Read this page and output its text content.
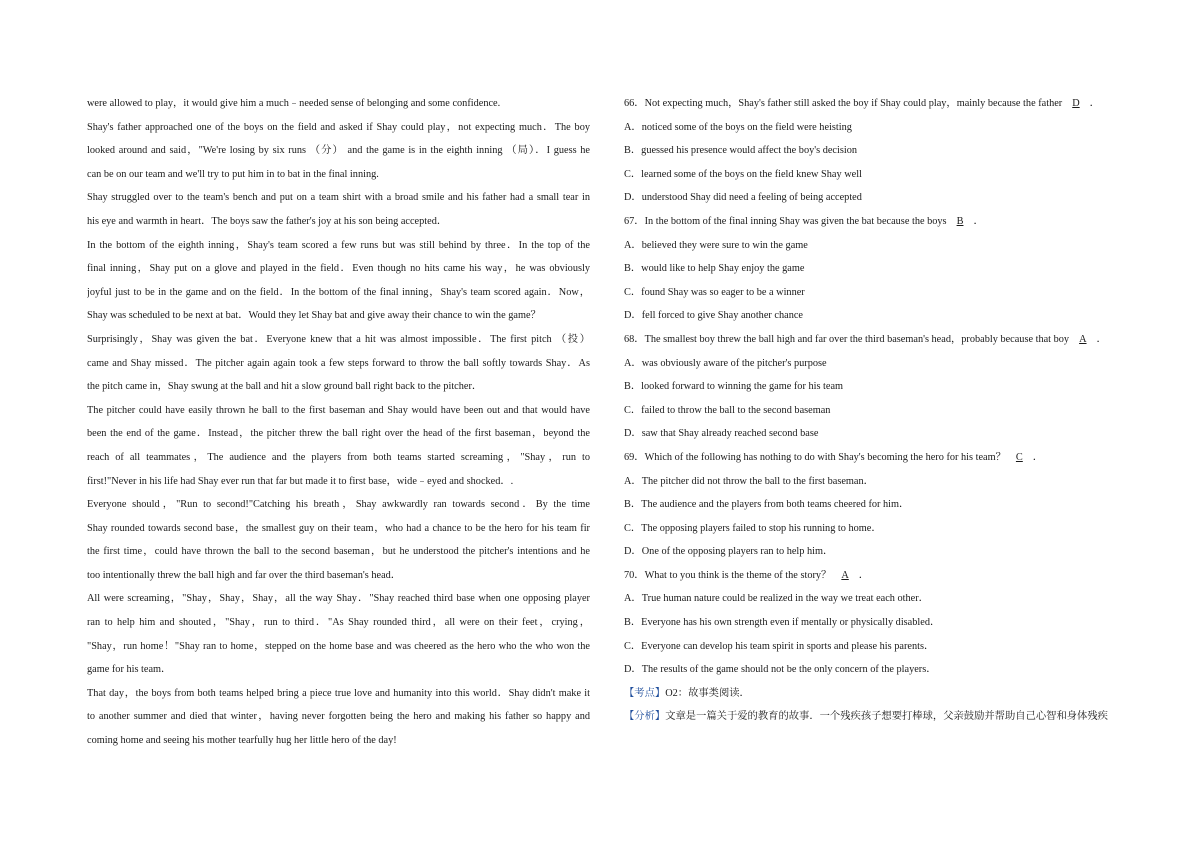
were allowed to play，it would give him a much﹣needed sense of belonging and some confidence.
Shay's father approached one of the boys on the field and asked if Shay could play，not expecting much．The boy
looked around and said，"We're losing by six runs （分） and the game is in the eighth inning （局）．I guess he
can be on our team and we'll try to put him in to bat in the final inning.
Shay struggled over to the team's bench and put on a team shirt with a broad smile and his father had a small tear in
his eye and warmth in heart．The boys saw the father's joy at his son being accepted．
In the bottom of the eighth inning，Shay's team scored a few runs but was still behind by three．In the top of the
final inning，Shay put on a glove and played in the field．Even though no hits came his way，he was obviously
joyful just to be in the game and on the field．In the bottom of the final inning，Shay's team scored again．Now，
Shay was scheduled to be next at bat．Would they let Shay bat and give away their chance to win the game？
Surprisingly，Shay was given the bat．Everyone knew that a hit was almost impossible．The first pitch （投）
came and Shay missed．The pitcher again again took a few steps forward to throw the ball softly towards Shay．As
the pitch came in，Shay swung at the ball and hit a slow ground ball right back to the pitcher．
The pitcher could have easily thrown he ball to the first baseman and Shay would have been out and that would have
been the end of the game．Instead，the pitcher threw the ball right over the head of the first baseman，beyond the
reach of all teammates，The audience and the players from both teams started screaming，"Shay，run to
first!"Never in his life had Shay ever run that far but made it to first base，wide﹣eyed and shocked．.
Everyone should，"Run to second!"Catching his breath，Shay awkwardly ran towards second．By the time
Shay rounded towards second base，the smallest guy on their team，who had a chance to be the hero for his team fir
the first time，could have thrown the ball to the second baseman，but he understood the pitcher's intentions and he
too intentionally threw the ball high and far over the third baseman's head．
All were screaming，"Shay，Shay，Shay，all the way Shay．"Shay reached third base when one opposing player
ran to help him and shouted，"Shay，run to third．"As Shay rounded third，all were on their feet，crying，
"Shay，run home！"Shay ran to home，stepped on the home base and was cheered as the hero who the who won the
game for his team．
That day，the boys from both teams helped bring a piece true love and humanity into this world．Shay didn't make it
to another summer and died that winter，having never forgotten being the hero and making his father so happy and
coming home and seeing his mother tearfully hug her little hero of the day!
66．Not expecting much，Shay's father still asked the boy if Shay could play，mainly because the father D ．
A．noticed some of the boys on the field were heisting
B．guessed his presence would affect the boy's decision
C．learned some of the boys on the field knew Shay well
D．understood Shay did need a feeling of being accepted
67．In the bottom of the final inning Shay was given the bat because the boys B ．
A．believed they were sure to win the game
B．would like to help Shay enjoy the game
C．found Shay was so eager to be a winner
D．fell forced to give Shay another chance
68．The smallest boy threw the ball high and far over the third baseman's head，probably because that boy A ．
A．was obviously aware of the pitcher's purpose
B．looked forward to winning the game for his team
C．failed to throw the ball to the second baseman
D．saw that Shay already reached second base
69．Which of the following has nothing to do with Shay's becoming the hero for his team？ C ．
A．The pitcher did not throw the ball to the first baseman．
B．The audience and the players from both teams cheered for him．
C．The opposing players failed to stop his running to home．
D．One of the opposing players ran to help him．
70．What to you think is the theme of the story？ A ．
A．True human nature could be realized in the way we treat each other．
B．Everyone has his own strength even if mentally or physically disabled．
C．Everyone can develop his team spirit in sports and please his parents．
D．The results of the game should not be the only concern of the players．
【考点】O2：故事类阅读．
【分析】文章是一篇关于爱的教育的故事．一个残疾孩子想要打棒球，父亲鼓励并帮助自己心智和身体残疾
